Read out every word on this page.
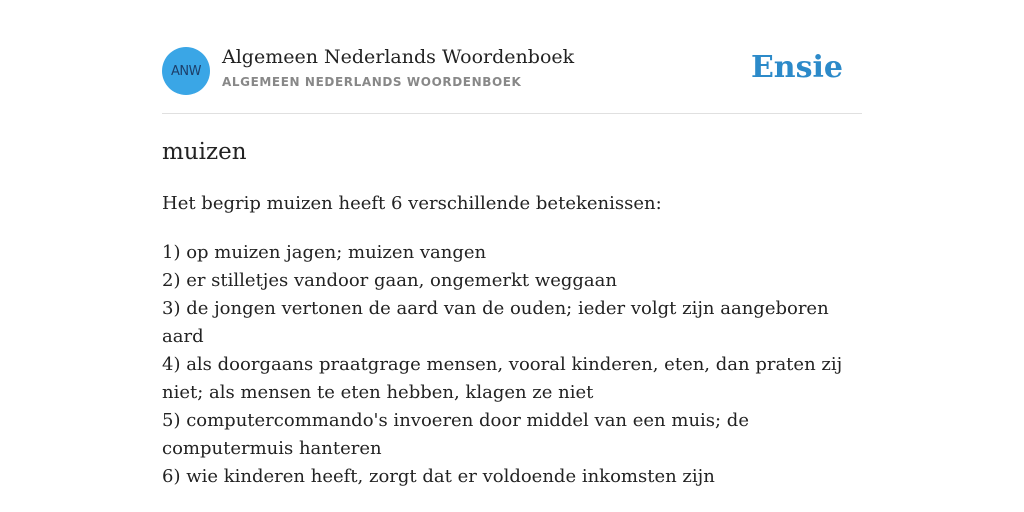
ANW
Algemeen Nederlands Woordenboek
ALGEMEEN NEDERLANDS WOORDENBOEK	Ensie
muizen

Het begrip muizen heeft 6 verschillende betekenissen:

1) op muizen jagen; muizen vangen
2) er stilletjes vandoor gaan, ongemerkt weggaan
3) de jongen vertonen de aard van de ouden; ieder volgt zijn aangeboren aard
4) als doorgaans praatgrage mensen, vooral kinderen, eten, dan praten zij niet; als mensen te eten hebben, klagen ze niet
5) computercommando's invoeren door middel van een muis; de computermuis hanteren
6) wie kinderen heeft, zorgt dat er voldoende inkomsten zijn
